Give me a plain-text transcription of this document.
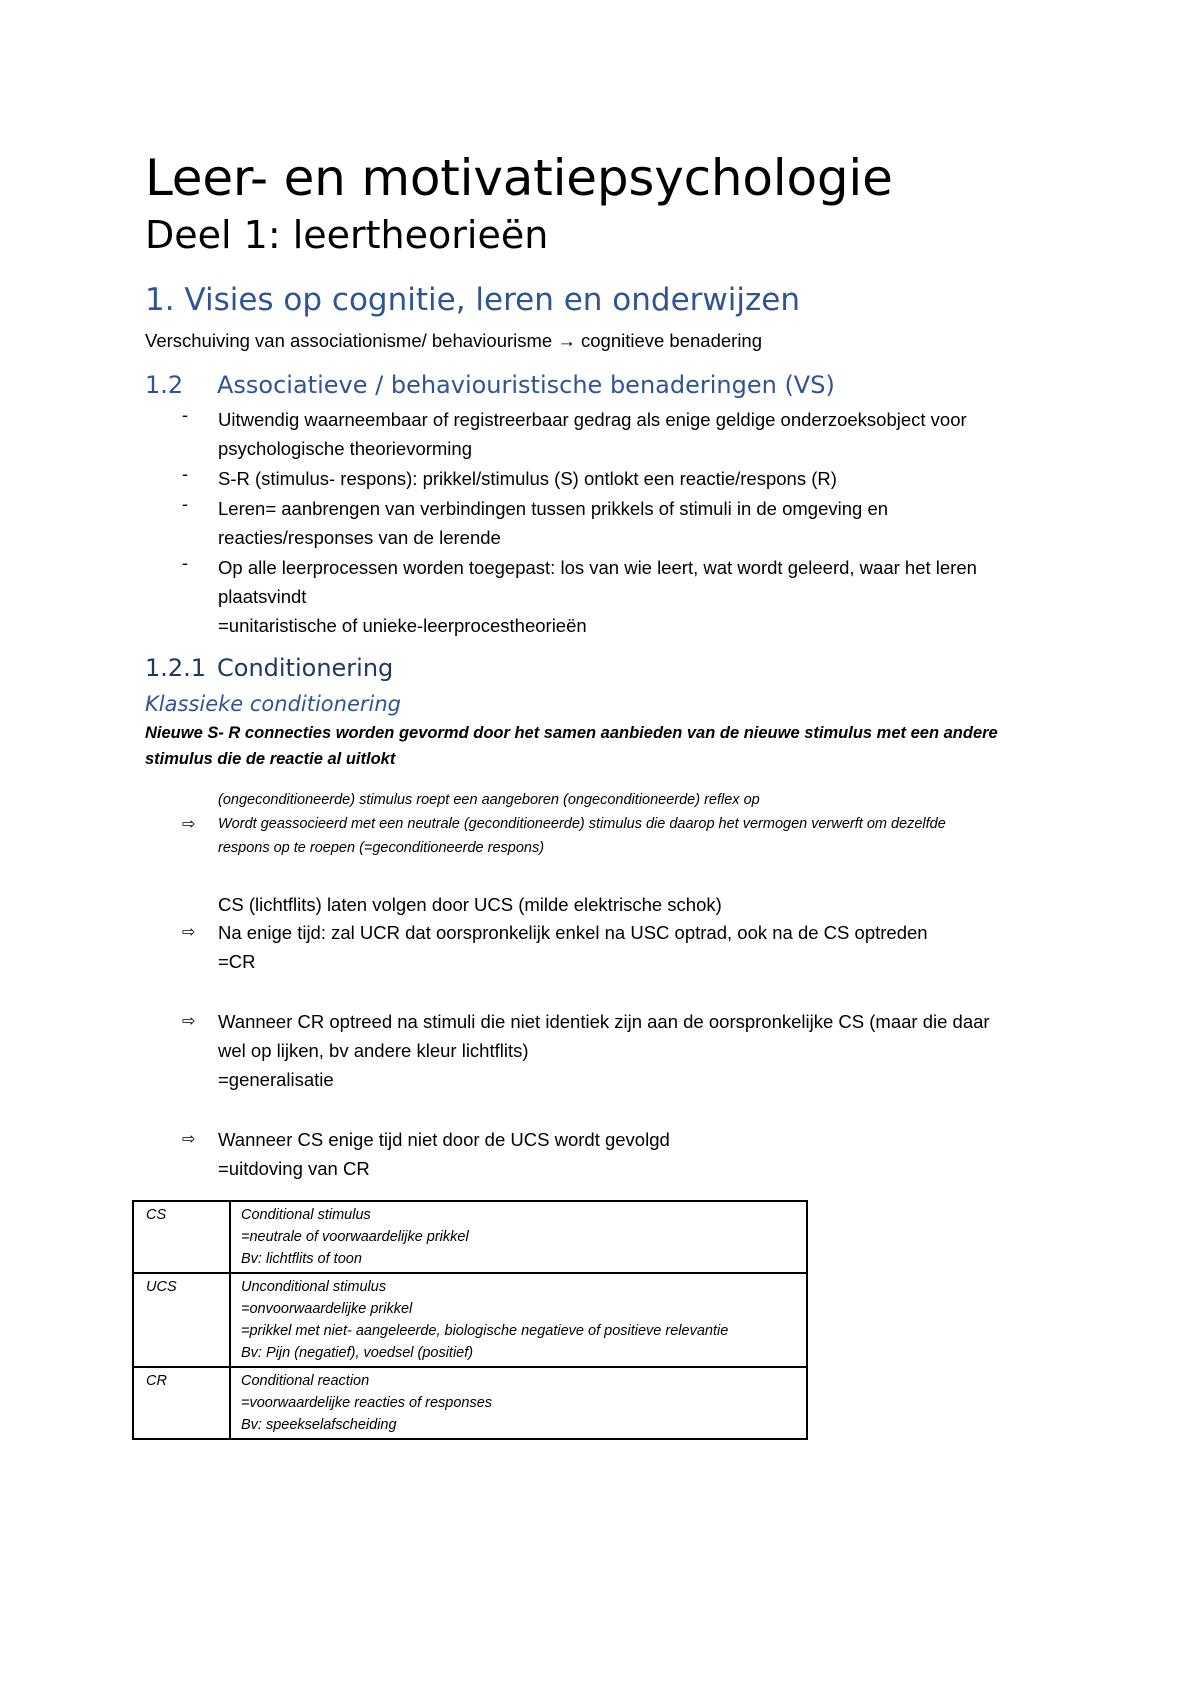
Leer- en motivatiepsychologie
Deel 1: leertheorieën
1. Visies op cognitie, leren en onderwijzen
Verschuiving van associationisme/ behaviourisme → cognitieve benadering
1.2 Associatieve / behaviouristische benaderingen (VS)
- Uitwendig waarneembaar of registreerbaar gedrag als enige geldige onderzoeksobject voor
psychologische theorievorming
- S-R (stimulus- respons): prikkel/stimulus (S) ontlokt een reactie/respons (R)
- Leren= aanbrengen van verbindingen tussen prikkels of stimuli in de omgeving en
reacties/responses van de lerende
- Op alle leerprocessen worden toegepast: los van wie leert, wat wordt geleerd, waar het leren
plaatsvindt
=unitaristische of unieke-leerprocestheorieën
1.2.1 Conditionering
Klassieke conditionering
Nieuwe S- R connecties worden gevormd door het samen aanbieden van de nieuwe stimulus met een andere
stimulus die de reactie al uitlokt
(ongeconditioneerde) stimulus roept een aangeboren (ongeconditioneerde) reflex op
⇨ Wordt geassocieerd met een neutrale (geconditioneerde) stimulus die daarop het vermogen verwerft om dezelfde
respons op te roepen (=geconditioneerde respons)
CS (lichtflits) laten volgen door UCS (milde elektrische schok)
⇨ Na enige tijd: zal UCR dat oorspronkelijk enkel na USC optrad, ook na de CS optreden
=CR
⇨ Wanneer CR optreed na stimuli die niet identiek zijn aan de oorspronkelijke CS (maar die daar
wel op lijken, bv andere kleur lichtflits)
=generalisatie
⇨ Wanneer CS enige tijd niet door de UCS wordt gevolgd
=uitdoving van CR
CS	Conditional stimulus
=neutrale of voorwaardelijke prikkel
Bv: lichtflits of toon

UCS	Unconditional stimulus
=onvoorwaardelijke prikkel
=prikkel met niet- aangeleerde, biologische negatieve of positieve relevantie
Bv: Pijn (negatief), voedsel (positief)

CR	Conditional reaction
=voorwaardelijke reacties of responses
Bv: speekselafscheiding
